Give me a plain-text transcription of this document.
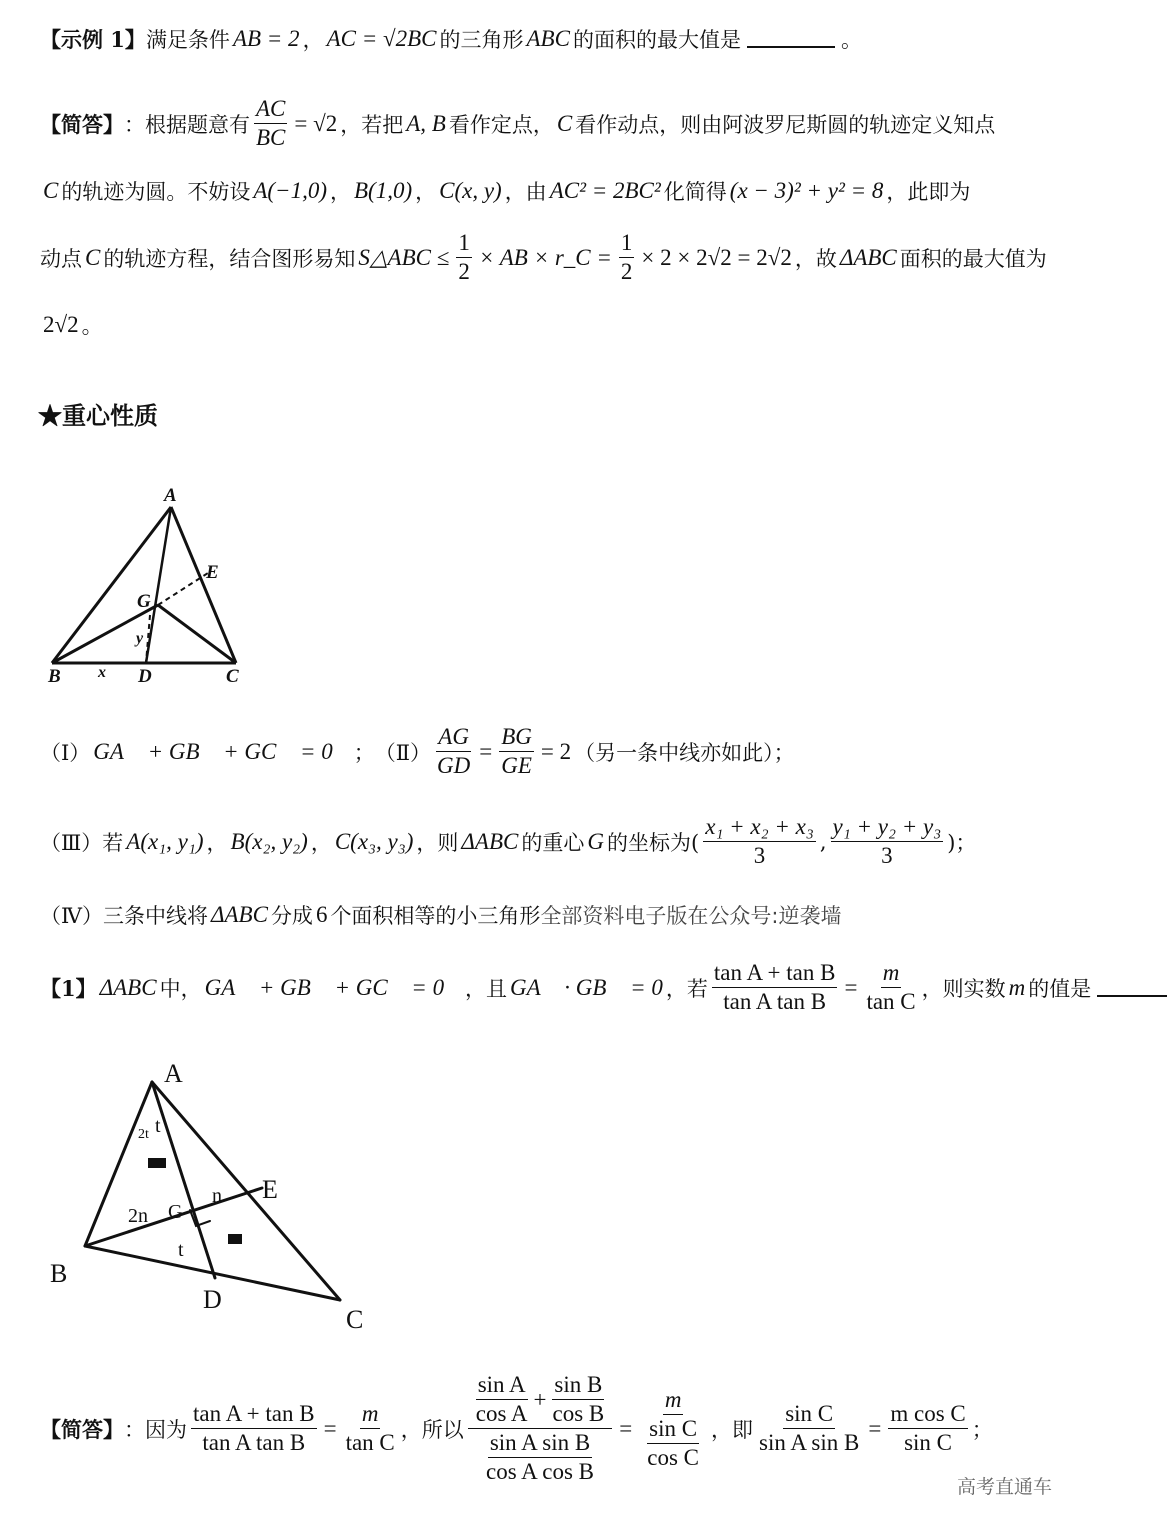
【示例 1】 满足条件 AB = 2 ， AC = √2BC 的三角形 ABC 的面积的最大值是	。
【简答】 ：根据题意有 $\frac{AC}{BC} = √2$ ，若把 A, B 看作定点， C 看作动点，则由阿波罗尼斯圆的轨迹定义知点
C 的轨迹为圆。不妨设 A(−1,0) ， B(1,0) ， C(x, y) ，由 AC² = 2BC² 化简得 (x − 3)² + y² = 8 ，此即为
动点 C 的轨迹方程，结合图形易知 S△ABC ≤ $\frac{1}{2}$ × AB × r_C = $\frac{1}{2} \times 2 \times 2√2 = 2√2$ ，故 ΔABC 面积的最大值为
2√2 。
★重心性质
A
E
G
y
B x D	C
（Ⅰ） GA⃗ + GB⃗ + GC⃗ = 0⃗ ； （Ⅱ） $\frac{AG}{GD} = \frac{BG}{GE} = 2$ （另一条中线亦如此）；
（Ⅲ）若 A(x₁, y₁) ， B(x₂, y₂) ， C(x₃, y₃) ，则 ΔABC 的重心 G 的坐标为( $\frac{\text{x₁ + x₂ + x₃}}{3}$ , $\frac{\text{y₁ + y₂ + y₃}}{3}$ )；
（Ⅳ）三条中线将 ΔABC 分成 6 个面积相等的小三角形 全部资料电子版在公众号:逆袭墙
【1】 ΔABC 中， GA⃗ + GB⃗ + GC⃗ = 0⃗ ，且 GA⃗ · GB⃗ = 0 ，若 $\frac{\text{tan A + tan B}}{\text{tan A tan B}} = \frac{m}{\text{tan C}}$ ，则实数 m 的值是
A
t
2t
E
n
2n G
t
B
D
C
【简答】 ：因为 $\frac{\text{tan A + tan B}}{\text{tan A tan B}} = \frac{m}{\text{tan C}}$ ，所以 $\frac{\frac{\text{sin A}}{\text{cos A}} + \frac{\text{sin B}}{\text{cos B}}}{\frac{\text{sin A sin B}}{\text{cos A cos B}}} = \frac{m}{\frac{\text{sin C}}{\text{cos C}}}$ ，即 $\frac{\text{sin C}}{\text{sin A sin B}} = \frac{\text{m cos C}}{\text{sin C}}$ ；
高考直通车
